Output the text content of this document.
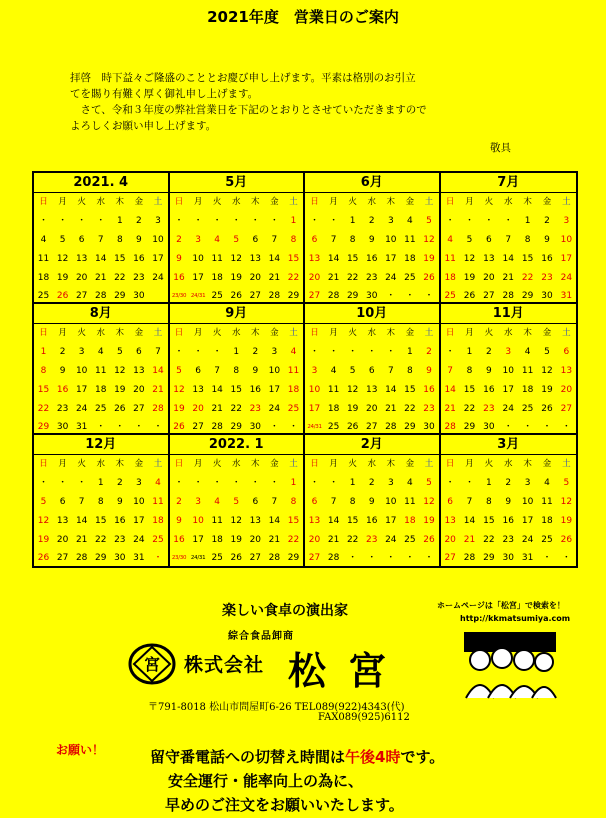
2021年度　営業日のご案内

拝啓　時下益々ご隆盛のこととお慶び申し上げます。平素は格別のお引立

てを賜り有難く厚く御礼申し上げます。

　さて、令和３年度の弊社営業日を下記のとおりとさせていただきますので

よろしくお願い申し上げます。

敬具
2021. 4
日	月	火	水	木	金	土
・	・	・	・	1	2	3
4	5	6	7	8	9	10
11 12 13 14 15 16 17
18 19 20 21 22 23 24
25 26 27 28 29 30
5月
日	月	火	水	木	金	土
・	・	・	・	・	・	1
2	3	4	5	6	7	8
9	10 11 12 13 14 15
16 17 18 19 20 21 22
23/30 24/31 25 26 27 28 29
6月
日	月	火	水	木	金	土
・	・	1	2	3	4	5
6	7	8	9	10 11 12
13 14 15 16 17 18 19
20 21 22 23 24 25 26
27 28 29 30 ・	・	・
7月
日	月	火	水	木	金	土
・	・	・	・	1	2	3
4	5	6	7	8	9	10
11 12 13 14 15 16 17
18 19 20 21 22 23 24
25 26 27 28 29 30 31
8月
日	月	火	水	木	金	土
1	2	3	4	5	6	7
8	9	10 11 12 13 14
15 16 17 18 19 20 21
22 23 24 25 26 27 28
29 30 31 ・	・	・	・
9月
日	月	火	水	木	金	土
・	・	・	1	2	3	4
5	6	7	8	9	10 11
12 13 14 15 16 17 18
19 20 21 22 23 24 25
26 27 28 29 30 ・	・
10月
日	月	火	水	木	金	土
・	・	・	・	・	1	2
3	4	5	6	7	8	9
10 11 12 13 14 15 16
17 18 19 20 21 22 23
24/31 25 26 27 28 29 30
11月
日	月	火	水	木	金	土
・	1	2	3	4	5	6
7	8	9	10 11 12 13
14 15 16 17 18 19 20
21 22 23 24 25 26 27
28 29 30	・	・	・	・
12月
日	月	火	水	木	金	土
・	・	・	1	2	3	4
5	6	7	8	9	10 11
12 13 14 15 16 17 18
19 20 21 22 23 24 25
26 27 28 29 30 31 ・
2022. 1
日	月	火	水	木	金	土
・	・	・	・	・	・	1
2	3	4	5	6	7	8
9	10 11 12 13 14 15
16 17 18 19 20 21 22
23/30 24/31 25 26 27 28 29
2月
日	月	火	水	木	金	土
・	・	1	2	3	4	5
6	7	8	9	10 11 12
13 14 15 16 17 18 19
20 21 22 23 24 25 26
27 28 ・	・	・	・	・
3月
日	月	火	水	木	金	土
・	・	1	2	3	4	5
6	7	8	9	10 11 12
13 14 15 16 17 18 19
20 21 22 23 24 25 26
27 28 29 30 31	・	・
楽しい食卓の演出家
綜合食品卸商
ホームページは「松宮」で検索を！
http://kkmatsumiya.com
宮 株式会社 松宮
〒791-8018 松山市問屋町6-26 TEL089(922)4343(代)
FAX089(925)6112
お願い！	留守番電話への切替え時間は午後4時です。
安全運行・能率向上の為に、
早めのご注文をお願いいたします。
